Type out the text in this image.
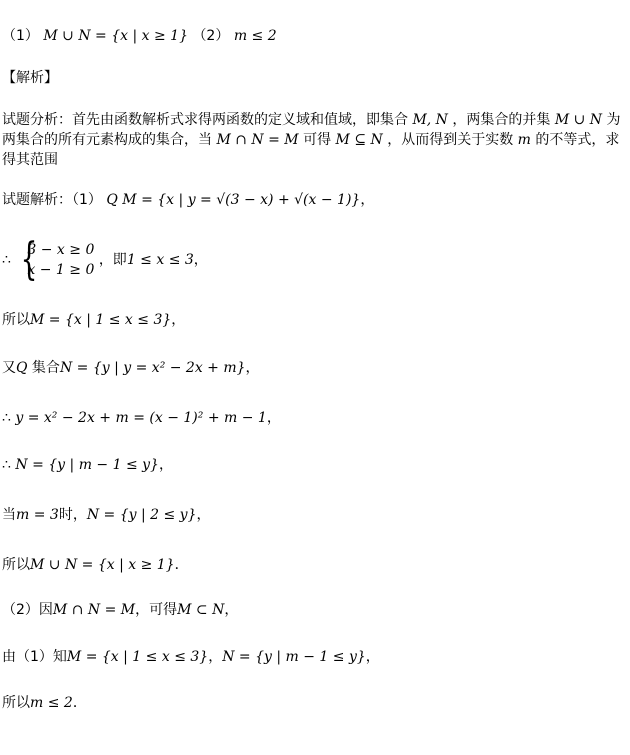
（1） M ∪ N = {x | x ≥ 1} （2） m ≤ 2
【解析】
试题分析：首先由函数解析式求得两函数的定义域和值域，即集合 M, N ，两集合的并集 M ∪ N 为两集合的所有元素构成的集合，当 M ∩ N = M 可得 M ⊆ N ，从而得到关于实数 m 的不等式，求得其范围
试题解析：（1） Q M = {x | y = √(3 − x) + √(x − 1)}，
∴ {
3 − x ≥ 0
x − 1 ≥ 0
，即1 ≤ x ≤ 3，
所以M = {x | 1 ≤ x ≤ 3}，
又Q 集合N = {y | y = x² − 2x + m}，
∴ y = x² − 2x + m = (x − 1)² + m − 1，
∴ N = {y | m − 1 ≤ y}，
当m = 3时，N = {y | 2 ≤ y}，
所以M ∪ N = {x | x ≥ 1}．
（2）因M ∩ N = M，可得M ⊂ N，
由（1）知M = {x | 1 ≤ x ≤ 3}，N = {y | m − 1 ≤ y}，
所以m ≤ 2．
